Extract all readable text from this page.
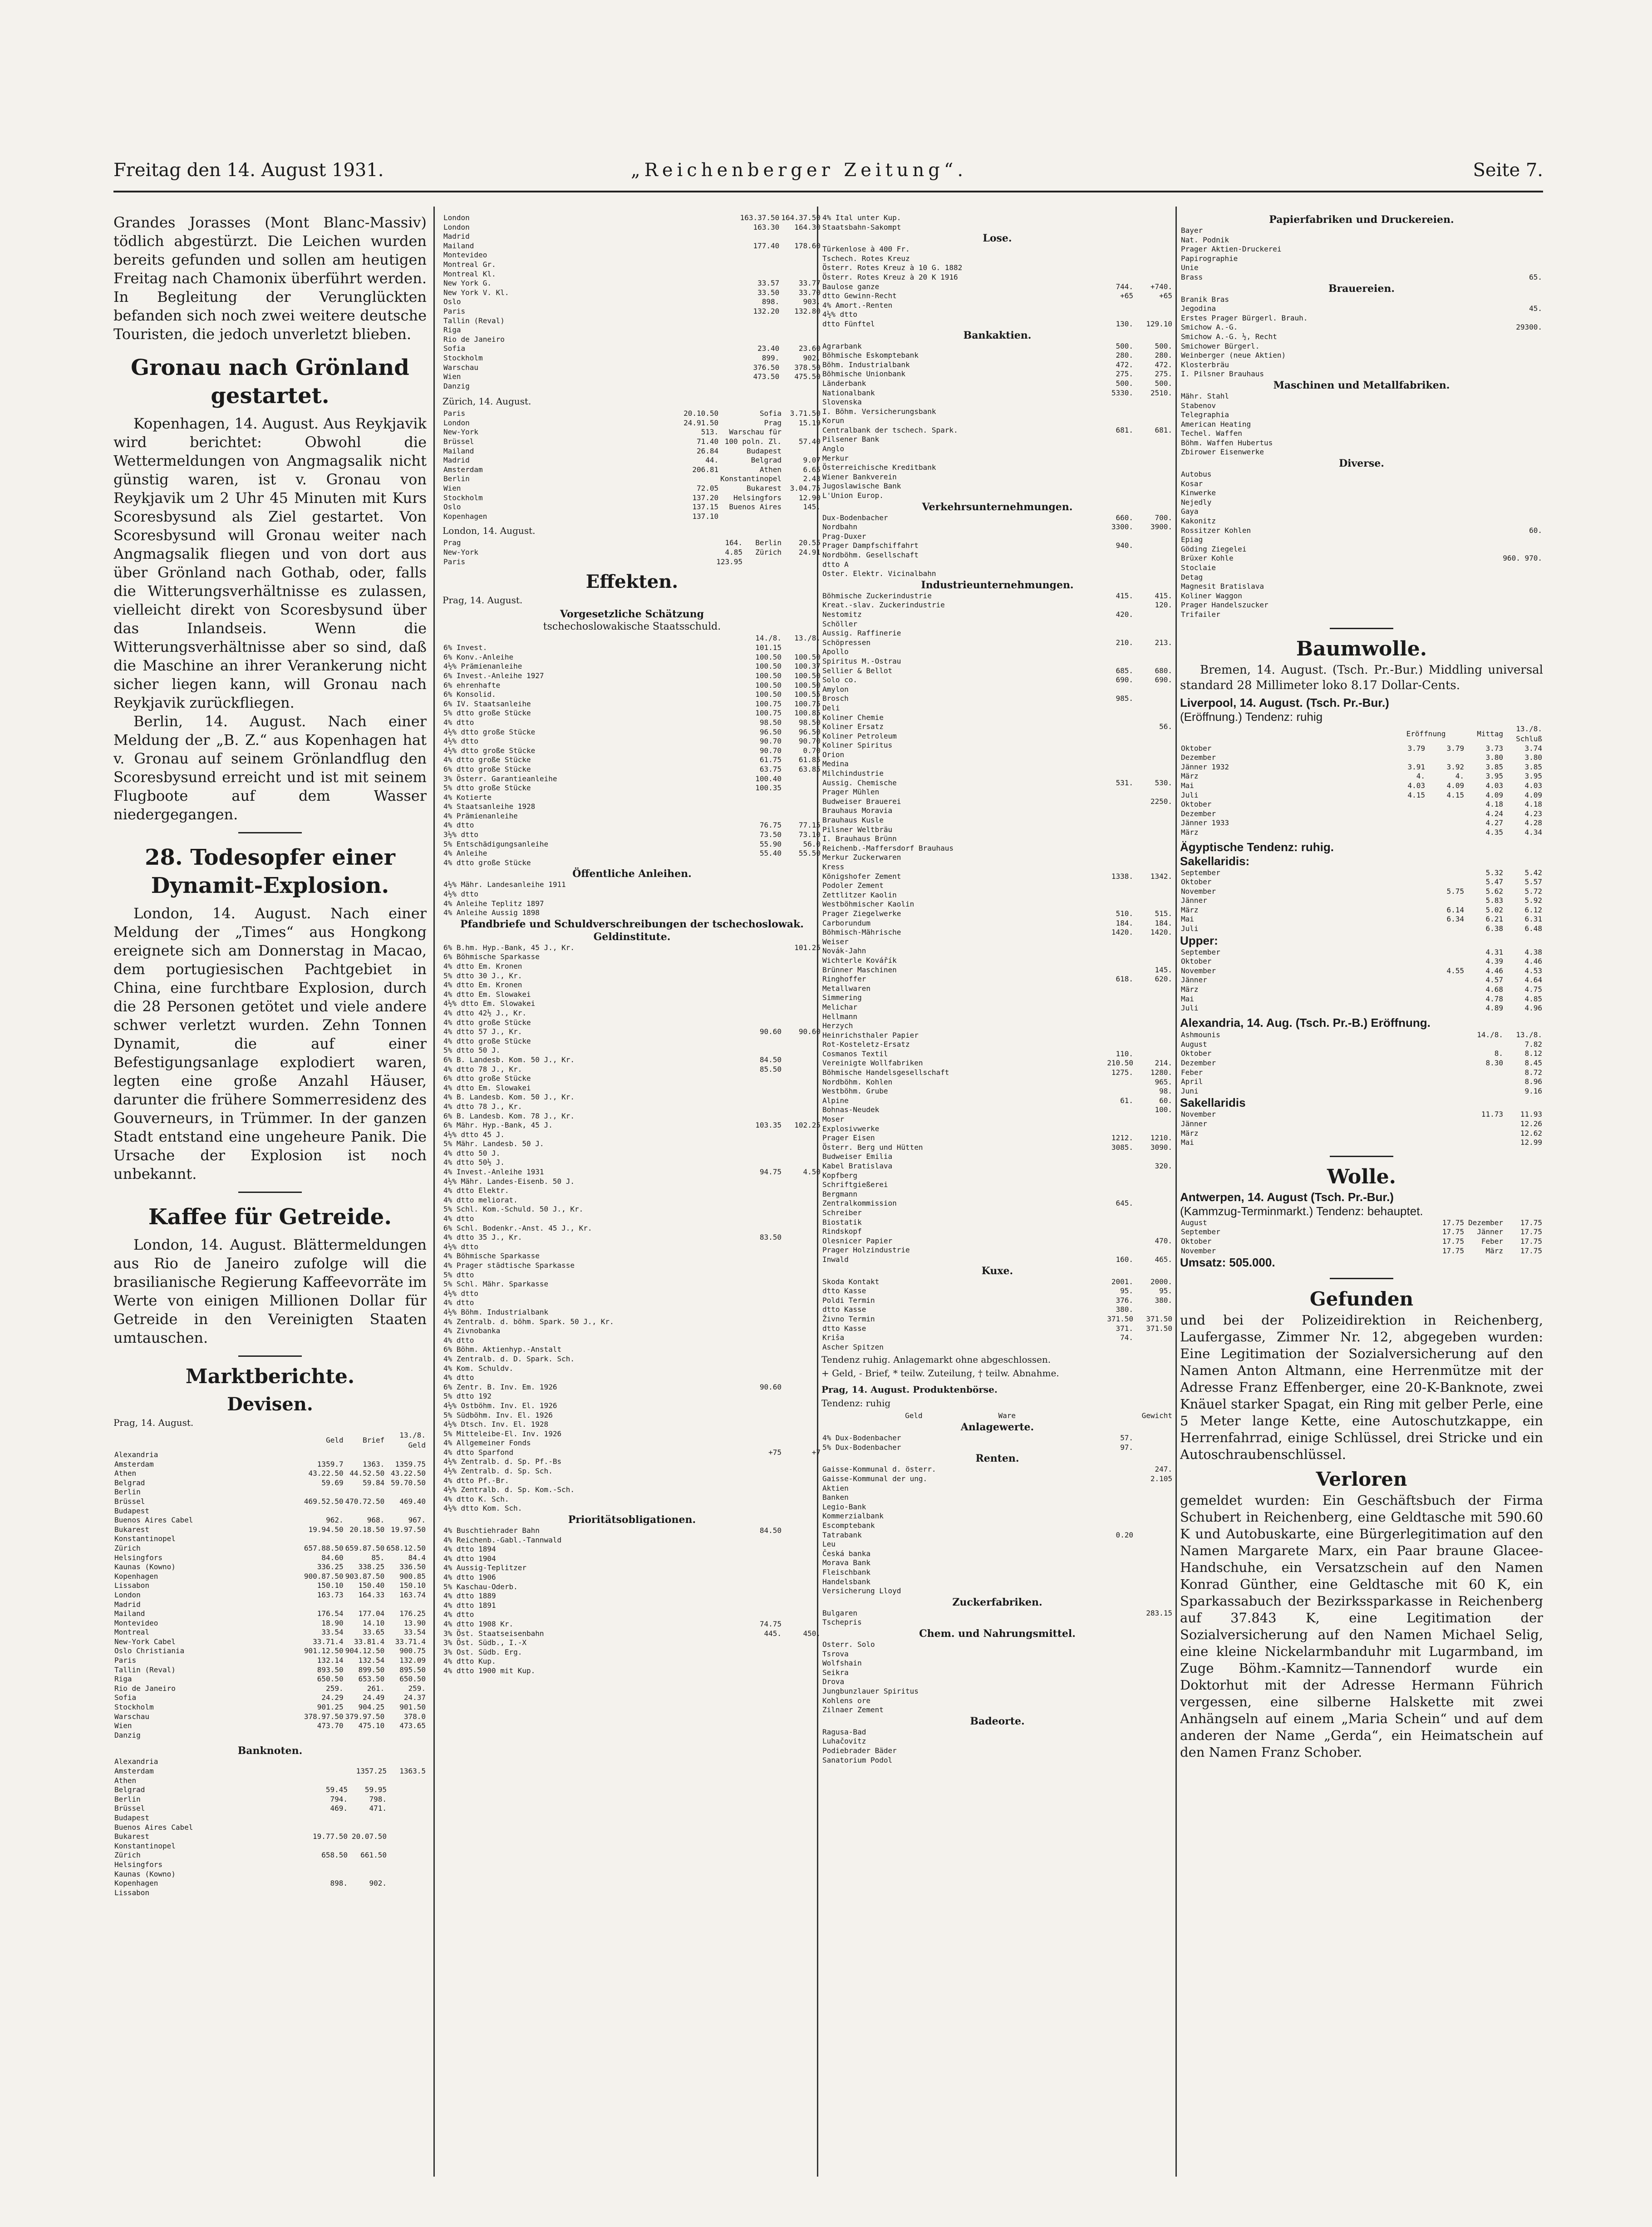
Freitag den 14. August 1931.	„Reichenberger Zeitung“.	Seite 7.

Grandes Jorasses (Mont Blanc-Massiv) tödlich abgestürzt. Die Leichen wurden bereits gefunden und sollen am heutigen Freitag nach Chamonix überführt werden. In Begleitung der Verunglückten befanden sich noch zwei weitere deutsche Touristen, die jedoch unverletzt blieben.

Gronau nach Grönland gestartet.

Kopenhagen, 14. August. Aus Reykjavik wird berichtet: Obwohl die Wettermeldungen von Angmagsalik nicht günstig waren, ist v. Gronau von Reykjavik um 2 Uhr 45 Minuten mit Kurs Scoresbysund als Ziel gestartet. Von Scoresbysund will Gronau weiter nach Angmagsalik fliegen und von dort aus über Grönland nach Gothab, oder, falls die Witterungsverhältnisse es zulassen, vielleicht direkt von Scoresbysund über das Inlandseis. Wenn die Witterungsverhältnisse aber so sind, daß die Maschine an ihrer Verankerung nicht sicher liegen kann, will Gronau nach Reykjavik zurückfliegen.

Berlin, 14. August. Nach einer Meldung der „B. Z.“ aus Kopenhagen hat v. Gronau auf seinem Grönlandflug den Scoresbysund erreicht und ist mit seinem Flugboote auf dem Wasser niedergegangen.

28. Todesopfer einer Dynamit-Explosion.

London, 14. August. Nach einer Meldung der „Times“ aus Hongkong ereignete sich am Donnerstag in Macao, dem portugiesischen Pachtgebiet in China, eine furchtbare Explosion, durch die 28 Personen getötet und viele andere schwer verletzt wurden. Zehn Tonnen Dynamit, die auf einer Befestigungsanlage explodiert waren, legten eine große Anzahl Häuser, darunter die frühere Sommerresidenz des Gouverneurs, in Trümmer. In der ganzen Stadt entstand eine ungeheure Panik. Die Ursache der Explosion ist noch unbekannt.

Kaffee für Getreide.

London, 14. August. Blättermeldungen aus Rio de Janeiro zufolge will die brasilianische Regierung Kaffeevorräte im Werte von einigen Millionen Dollar für Getreide in den Vereinigten Staaten umtauschen.

Marktberichte.
Devisen.
Prag, 14. August.
	Geld	Brief	13./8. Geld
Alexandria			
Amsterdam	1359.7	1363.	1359.75
Athen	43.22.50	44.52.50	43.22.50
Belgrad	59.69	59.84	59.70.50
Berlin			
Brüssel	469.52.50	470.72.50	469.40
Budapest			
Buenos Aires Cabel	962.	968.	967.
Bukarest	19.94.50	20.18.50	19.97.50
Konstantinopel			
Zürich	657.88.50	659.87.50	658.12.50
Helsingfors	84.60	85.	84.4
Kaunas (Kowno)	336.25	338.25	336.50
Kopenhagen	900.87.50	903.87.50	900.85
Lissabon	150.10	150.40	150.10
London	163.73	164.33	163.74
Madrid			
Mailand	176.54	177.04	176.25
Montevideo	18.90	14.10	13.90
Montreal	33.54	33.65	33.54
New-York Cabel	33.71.4	33.81.4	33.71.4
Oslo Christiania	901.12.50	904.12.50	900.75
Paris	132.14	132.54	132.09
Tallin (Reval)	893.50	899.50	895.50
Riga	650.50	653.50	650.50
Rio de Janeiro	259.	261.	259.
Sofia	24.29	24.49	24.37
Stockholm	901.25	904.25	901.50
Warschau	378.97.50	379.97.50	378.0
Wien	473.70	475.10	473.65
Danzig			
Banknoten.
Alexandria			
Amsterdam		1357.25	1363.5
Athen			
Belgrad	59.45	59.95	
Berlin	794.	798.	
Brüssel	469.	471.	
Budapest			
Buenos Aires Cabel			
Bukarest	19.77.50	20.07.50	
Konstantinopel			
Zürich	658.50	661.50	
Helsingfors			
Kaunas (Kowno)			
Kopenhagen	898.	902.	
Lissabon			
London	163.37.50	164.37.50
London	163.30	164.30
Madrid		
Mailand	177.40	178.60
Montevideo		
Montreal Gr.		
Montreal Kl.		
New York G.	33.57	33.77
New York V. Kl.	33.50	33.70
Oslo	898.	903.
Paris	132.20	132.80
Tallin (Reval)		
Riga		
Rio de Janeiro		
Sofia	23.40	23.60
Stockholm	899.	902.
Warschau	376.50	378.50
Wien	473.50	475.50
Danzig		
Zürich, 14. August.
Paris	20.10.50	Sofia	3.71.50
London	24.91.50	Prag	15.19
New-York	513.	Warschau für	
Brüssel	71.40	100 poln. Zl.	57.40
Mailand	26.84	Budapest	
Madrid	44.	Belgrad	9.07
Amsterdam	206.81	Athen	6.65
Berlin		Konstantinopel	2.43
Wien	72.05	Bukarest	3.04.75
Stockholm	137.20	Helsingfors	12.90
Oslo	137.15	Buenos Aires	145.
Kopenhagen	137.10		
London, 14. August.
Prag	164.	Berlin	20.55
New-York	4.85	Zürich	24.91
Paris	123.95		
Effekten.
Prag, 14. August.
Vorgesetzliche Schätzung
tschechoslowakische Staatsschuld.
	14./8.	13./8.
6% Invest.	101.15	
6% Konv.-Anleihe	100.50	100.50
4½% Prämienanleihe	100.50	100.37
6% Invest.-Anleihe 1927	100.50	100.50
6% ehrenhafte	100.50	100.50
6% Konsolid.	100.50	100.55
6% IV. Staatsanleihe	100.75	100.75
5% dtto große Stücke	100.75	100.85
4% dtto	98.50	98.50
4½% dtto große Stücke	96.50	96.50
4½% dtto	90.70	90.70
4½% dtto große Stücke	90.70	0.70
4% dtto große Stücke	61.75	61.85
6% dtto große Stücke	63.75	63.85
3% Österr. Garantieanleihe	100.40	
5% dtto große Stücke	100.35	
4% Kotierte		
4% Staatsanleihe 1928		
4% Prämienanleihe		
4% dtto	76.75	77.15
3½% dtto	73.50	73.10
5% Entschädigungsanleihe	55.90	56.0
4% Anleihe	55.40	55.50
4% dtto große Stücke		
Öffentliche Anleihen.
4½% Mähr. Landesanleihe 1911		
4½% dtto		
4% Anleihe Teplitz 1897		
4% Anleihe Aussig 1898		
Pfandbriefe und Schuldverschreibungen der tschechoslowak. Geldinstitute.
6% B.hm. Hyp.-Bank, 45 J., Kr.		101.25
6% Böhmische Sparkasse		
4% dtto Em. Kronen		
5% dtto 30 J., Kr.		
4% dtto Em. Kronen		
4% dtto Em. Slowakei		
4½% dtto Em. Slowakei		
4% dtto 42½ J., Kr.		
4% dtto große Stücke		
4% dtto 57 J., Kr.	90.60	90.60
4% dtto große Stücke		
5% dtto 50 J.		
6% B. Landesb. Kom. 50 J., Kr.	84.50	
4% dtto 78 J., Kr.	85.50	
6% dtto große Stücke		
4% dtto Em. Slowakei		
4% B. Landesb. Kom. 50 J., Kr.		
4% dtto 78 J., Kr.		
6% B. Landesb. Kom. 78 J., Kr.		
6% Mähr. Hyp.-Bank, 45 J.	103.35	102.25
4½% dtto 45 J.		
5% Mähr. Landesb. 50 J.		
4% dtto 50 J.		
4% dtto 50½ J.		
4% Invest.-Anleihe 1931	94.75	4.50
4½% Mähr. Landes-Eisenb. 50 J.		
4% dtto Elektr.		
4% dtto meliorat.		
5% Schl. Kom.-Schuld. 50 J., Kr.		
4% dtto		
6% Schl. Bodenkr.-Anst. 45 J., Kr.		
4% dtto 35 J., Kr.	83.50	
4½% dtto		
4% Böhmische Sparkasse		
4% Prager städtische Sparkasse		
5% dtto		
5% Schl. Mähr. Sparkasse		
4½% dtto		
4% dtto		
4½% Böhm. Industrialbank		
4% Zentralb. d. böhm. Spark. 50 J., Kr.		
4% Zivnobanka		
4% dtto		
6% Böhm. Aktienhyp.-Anstalt		
4% Zentralb. d. D. Spark. Sch.		
4% Kom. Schuldv.		
4% dtto		
6% Zentr. B. Inv. Em. 1926	90.60	
5% dtto 192		
4½% Ostböhm. Inv. El. 1926		
5% Südböhm. Inv. El. 1926		
4½% Dtsch. Inv. El. 1928		
5% Mitteleibe-El. Inv. 1926		
4% Allgemeiner Fonds		
4% dtto Sparfond	+75	+7
4½% Zentralb. d. Sp. Pf.-Bs		
4½% Zentralb. d. Sp. Sch.		
4% dtto Pf.-Br.		
4½% Zentralb. d. Sp. Kom.-Sch.		
4% dtto K. Sch.		
4½% dtto Kom. Sch.		
Prioritätsobligationen.
4% Buschtiehrader Bahn	84.50	
4% Reichenb.-Gabl.-Tannwald		
4% dtto 1894		
4% dtto 1904		
4% Aussig-Teplitzer		
4% dtto 1906		
5% Kaschau-Oderb.		
4% dtto 1889		
4% dtto 1891		
4% dtto		
4% dtto 1908 Kr.	74.75	
3% Öst. Staatseisenbahn	445.	450.
3% Öst. Südb., I.-X		
3% Ost. Südb. Erg.		
4% dtto Kup.		
4% dtto 1900 mit Kup.		
4% Ital unter Kup.		
Staatsbahn-Sakompt		
Lose.
Türkenlose à 400 Fr.		
Tschech. Rotes Kreuz		
Österr. Rotes Kreuz à 10 G. 1882		
Österr. Rotes Kreuz à 20 K 1916		
Baulose ganze	744.	+740.
dtto Gewinn-Recht	+65	+65
4% Amort.-Renten		
4½% dtto		
dtto Fünftel	130.	129.10
Bankaktien.
Agrarbank	500.	500.
Böhmische Eskomptebank	280.	280.
Böhm. Industrialbank	472.	472.
Böhmische Unionbank	275.	275.
Länderbank	500.	500.
Nationalbank	5330.	2510.
Slovenska		
I. Böhm. Versicherungsbank		
Korun		
Centralbank der tschech. Spark.	681.	681.
Pilsener Bank		
Anglo		
Merkur		
Österreichische Kreditbank		
Wiener Bankverein		
Jugoslawische Bank		
L'Union Europ.		
Verkehrsunternehmungen.
Dux-Bodenbacher	660.	700.
Nordbahn	3300.	3900.
Prag-Duxer		
Prager Dampfschiffahrt	940.	
Nordböhm. Gesellschaft		
dtto A		
Oster. Elektr. Vicinalbahn		
Industrieunternehmungen.
Böhmische Zuckerindustrie	415.	415.
Kreat.-slav. Zuckerindustrie		120.
Nestomitz	420.	
Schöller		
Aussig. Raffinerie		
Schöpressen	210.	213.
Apollo		
Spiritus M.-Ostrau		
Sellier & Bellot	685.	680.
Solo co.	690.	690.
Amylon		
Brosch	985.	
Deli		
Koliner Chemie		
Koliner Ersatz		56.
Koliner Petroleum		
Koliner Spiritus		
Orion		
Medina		
Milchindustrie		
Aussig. Chemische	531.	530.
Prager Mühlen		
Budweiser Brauerei		2250.
Brauhaus Moravia		
Brauhaus Kusle		
Pilsner Weltbräu		
I. Brauhaus Brünn		
Reichenb.-Maffersdorf Brauhaus		
Merkur Zuckerwaren		
Kress		
Königshofer Zement	1338.	1342.
Podoler Zement		
Zettlitzer Kaolin		
Westböhmischer Kaolin		
Prager Ziegelwerke	510.	515.
Carborundum	184.	184.
Böhmisch-Mährische	1420.	1420.
Weiser		
Novák-Jahn		
Wichterle Kovářík		
Brünner Maschinen		145.
Ringhoffer	618.	620.
Metallwaren		
Simmering		
Melichar		
Hellmann		
Herzych		
Heinrichsthaler Papier		
Rot-Kosteletz-Ersatz		
Cosmanos Textil	110.	
Vereinigte Wollfabriken	210.50	214.
Böhmische Handelsgesellschaft	1275.	1280.
Nordböhm. Kohlen		965.
Westböhm. Grube		98.
Alpine	61.	60.
Bohnas-Neudek		100.
Moser		
Explosivwerke		
Prager Eisen	1212.	1210.
Österr. Berg und Hütten	3085.	3090.
Budweiser Emilia		
Kabel Bratislava		320.
Kopfberg		
Schriftgießerei		
Bergmann		
Zentralkommission	645.	
Schreiber		
Biostatik		
Rindskopf		
Olesnicer Papier		470.
Prager Holzindustrie		
Inwald	160.	465.
Kuxe.
Skoda Kontakt	2001.	2000.
dtto Kasse	95.	95.
Poldi Termin	376.	380.
dtto Kasse	380.	
Živno Termin	371.50	371.50
dtto Kasse	371.	371.50
Kriša	74.	
Ascher Spitzen		
Tendenz ruhig. Anlagemarkt ohne abgeschlossen.
+ Geld, - Brief, * teilw. Zuteilung, † teilw. Abnahme.
Prag, 14. August. Produktenbörse.
Tendenz: ruhig
	Geld	Ware	Gewicht
Anlagewerte.
4% Dux-Bodenbacher	57.	
5% Dux-Bodenbacher	97.	
Renten.
Gaisse-Kommunal d. österr.		247.
Gaisse-Kommunal der ung.		2.105
Aktien		
Banken		
Legio-Bank		
Kommerzialbank		
Escomptebank		
Tatrabank	0.20	
Leu		
Česká banka		
Morava Bank		
Fleischbank		
Handelsbank		
Versicherung Lloyd		
Zuckerfabriken.
Bulgaren		283.15
Tschepris		
Chem. und Nahrungsmittel.
Osterr. Solo		
Tsrova		
Wolfshain		
Seikra		
Drova		
Jungbunzlauer Spiritus		
Kohlens ore		
Zilnaer Zement		
Badeorte.
Ragusa-Bad		
Luhačovitz		
Podiebrader Bäder		
Sanatorium Podol		
Papierfabriken und Druckereien.
Bayer	
Nat. Podnik	
Prager Aktien-Druckerei	
Papirographie	
Unie	
Brass	65.
Brauereien.
Branik Bras	
Jegodina	45.
Erstes Prager Bürgerl. Brauh.	
Smichow A.-G.	29300.
Smichow A.-G. ½, Recht	
Smichower Bürgerl.	
Weinberger (neue Aktien)	
Klosterbräu	
I. Pilsner Brauhaus	
Maschinen und Metallfabriken.
Mähr. Stahl	
Stabenov	
Telegraphia	
American Heating	
Techel. Waffen	
Böhm. Waffen Hubertus	
Zbirower Eisenwerke	
Diverse.
Autobus	
Kosar	
Kinwerke	
Nejedly	
Gaya	
Kakonitz	
Rossitzer Kohlen	60.
Epiag	
Göding Ziegelei	
Brüxer Kohle	960. 970.
Stoclaie	
Detag	
Magnesit Bratislava	
Koliner Waggon	
Prager Handelszucker	
Trifailer	
Baumwolle.

Bremen, 14. August. (Tsch. Pr.-Bur.) Middling universal standard 28 Millimeter loko 8.17 Dollar-Cents.

Liverpool, 14. August. (Tsch. Pr.-Bur.)
(Eröffnung.) Tendenz: ruhig
	Eröffnung		Mittag	13./8. Schluß
Oktober	3.79	3.79	3.73	3.74
Dezember			3.80	3.80
Jänner 1932	3.91	3.92	3.85	3.85
März	4.	4.	3.95	3.95
Mai	4.03	4.09	4.03	4.03
Juli	4.15	4.15	4.09	4.09
Oktober			4.18	4.18
Dezember			4.24	4.23
Jänner 1933			4.27	4.28
März			4.35	4.34
Ägyptische Tendenz: ruhig.
Sakellaridis:
September		5.32	5.42
Oktober		5.47	5.57
November	5.75	5.62	5.72
Jänner		5.83	5.92
März	6.14	5.02	6.12
Mai	6.34	6.21	6.31
Juli		6.38	6.48
Upper:
September		4.31	4.38
Oktober		4.39	4.46
November	4.55	4.46	4.53
Jänner		4.57	4.64
März		4.68	4.75
Mai		4.78	4.85
Juli		4.89	4.96
Alexandria, 14. Aug. (Tsch. Pr.-B.) Eröffnung.
Ashmounis	14./8.	13./8.
August		7.82
Oktober	8.	8.12
Dezember	8.30	8.45
Feber		8.72
April		8.96
Juni		9.16
Sakellaridis
November	11.73	11.93
Jänner		12.26
März		12.62
Mai		12.99
Wolle.
Antwerpen, 14. August (Tsch. Pr.-Bur.)
(Kammzug-Terminmarkt.) Tendenz: behauptet.
August	17.75	Dezember	17.75
September	17.75	Jänner	17.75
Oktober	17.75	Feber	17.75
November	17.75	März	17.75
Umsatz: 505.000.
Gefunden

und bei der Polizeidirektion in Reichenberg, Laufergasse, Zimmer Nr. 12, abgegeben wurden: Eine Legitimation der Sozialversicherung auf den Namen Anton Altmann, eine Herrenmütze mit der Adresse Franz Effenberger, eine 20-K-Banknote, zwei Knäuel starker Spagat, ein Ring mit gelber Perle, eine 5 Meter lange Kette, eine Autoschutzkappe, ein Herrenfahrrad, einige Schlüssel, drei Stricke und ein Autoschraubenschlüssel.

Verloren

gemeldet wurden: Ein Geschäftsbuch der Firma Schubert in Reichenberg, eine Geldtasche mit 590.60 K und Autobuskarte, eine Bürgerlegitimation auf den Namen Margarete Marx, ein Paar braune Glacee-Handschuhe, ein Versatzschein auf den Namen Konrad Günther, eine Geldtasche mit 60 K, ein Sparkassabuch der Bezirkssparkasse in Reichenberg auf 37.843 K, eine Legitimation der Sozialversicherung auf den Namen Michael Selig, eine kleine Nickelarmbanduhr mit Lugarmband, im Zuge Böhm.-Kamnitz—Tannendorf wurde ein Doktorhut mit der Adresse Hermann Führich vergessen, eine silberne Halskette mit zwei Anhängseln auf einem „Maria Schein“ und auf dem anderen der Name „Gerda“, ein Heimatschein auf den Namen Franz Schober.
